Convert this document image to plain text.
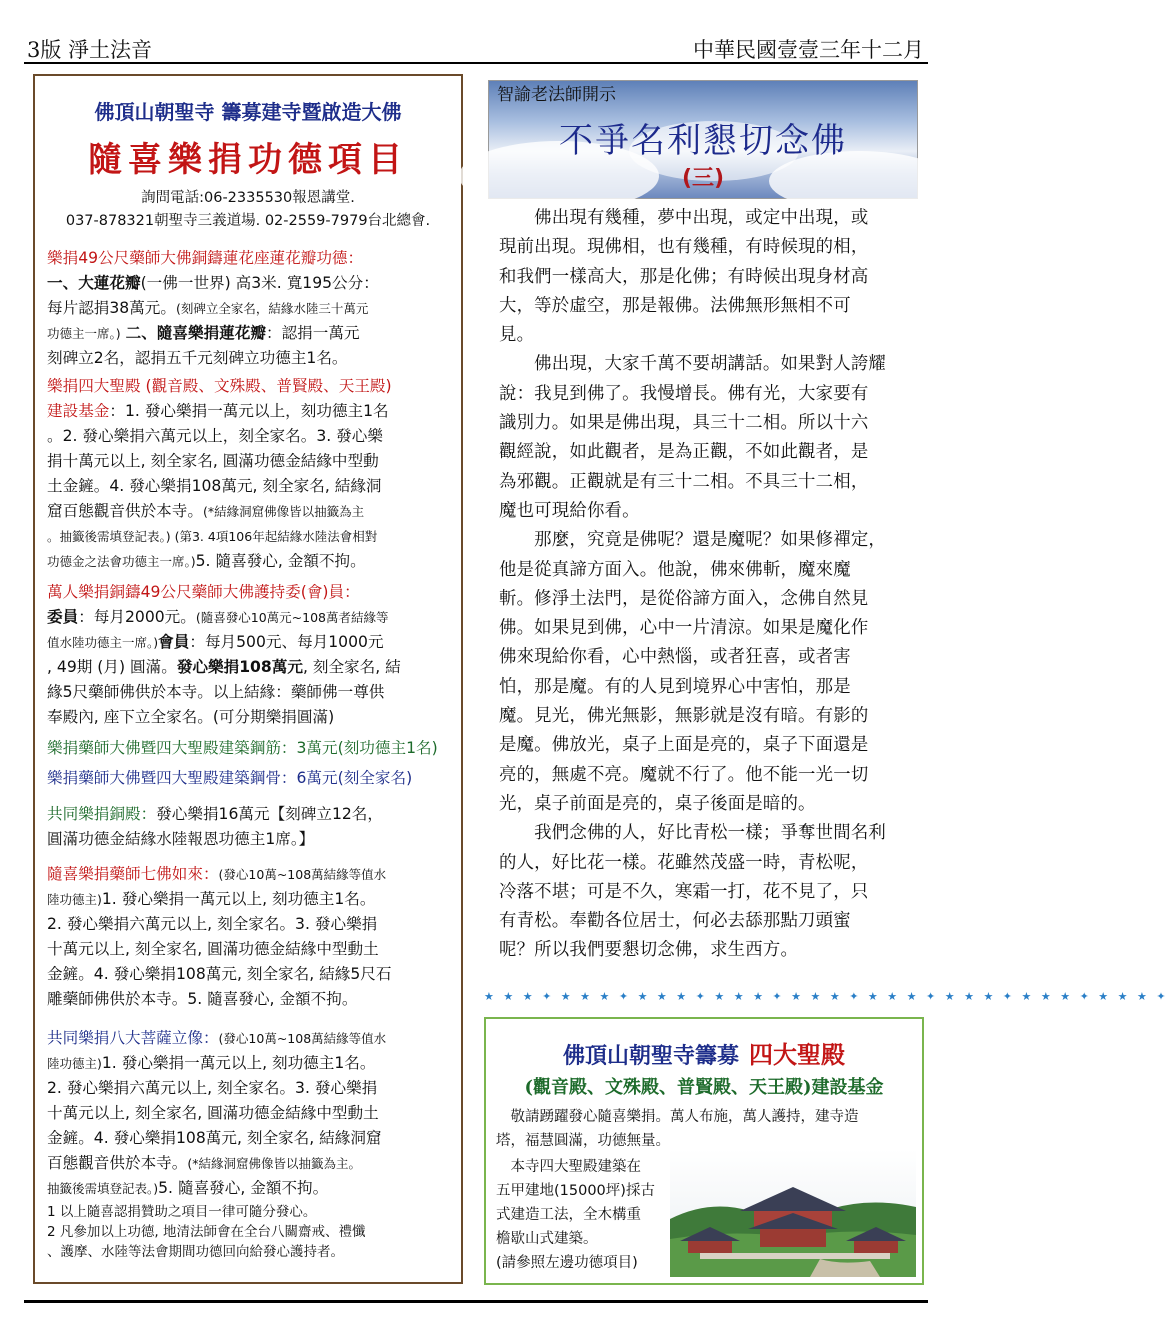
3版 淨土法音	中華民國壹壹三年十二月
佛頂山朝聖寺 籌募建寺暨啟造大佛
隨喜樂捐功德項目
詢問電話:06-2335530報恩講堂.
037-878321朝聖寺三義道場. 02-2559-7979台北總會.
樂捐49公尺藥師大佛銅鑄蓮花座蓮花瓣功德：
一、大蓮花瓣(一佛一世界) 高3米. 寬195公分：
每片認捐38萬元。(刻碑立全家名，結緣水陸三十萬元
功德主一席。) 二、隨喜樂捐蓮花瓣：認捐一萬元
刻碑立2名，認捐五千元刻碑立功德主1名。
樂捐四大聖殿 (觀音殿、文殊殿、普賢殿、天王殿)
建設基金：1. 發心樂捐一萬元以上，刻功德主1名
。2. 發心樂捐六萬元以上，刻全家名。3. 發心樂
捐十萬元以上, 刻全家名, 圓滿功德金結緣中型動
土金鏟。4. 發心樂捐108萬元, 刻全家名, 結緣洞
窟百態觀音供於本寺。(*結緣洞窟佛像皆以抽籤為主
。抽籤後需填登記表。) (第3. 4項106年起結緣水陸法會相對
功德金之法會功德主一席。)5. 隨喜發心, 金額不拘。
萬人樂捐銅鑄49公尺藥師大佛護持委(會)員：
委員：每月2000元。(隨喜發心10萬元~108萬者結緣等
值水陸功德主一席。)會員：每月500元、每月1000元
, 49期 (月) 圓滿。發心樂捐108萬元, 刻全家名, 結
緣5尺藥師佛供於本寺。以上結緣：藥師佛一尊供
奉殿內, 座下立全家名。(可分期樂捐圓滿)
樂捐藥師大佛暨四大聖殿建築鋼筋：3萬元(刻功德主1名)
樂捐藥師大佛暨四大聖殿建築鋼骨：6萬元(刻全家名)
共同樂捐銅殿：發心樂捐16萬元【刻碑立12名，
圓滿功德金結緣水陸報恩功德主1席。】
隨喜樂捐藥師七佛如來：(發心10萬~108萬結緣等值水
陸功德主)1. 發心樂捐一萬元以上, 刻功德主1名。
2. 發心樂捐六萬元以上, 刻全家名。3. 發心樂捐
十萬元以上, 刻全家名, 圓滿功德金結緣中型動土
金鏟。4. 發心樂捐108萬元, 刻全家名, 結緣5尺石
雕藥師佛供於本寺。5. 隨喜發心, 金額不拘。
共同樂捐八大菩薩立像：(發心10萬~108萬結緣等值水
陸功德主)1. 發心樂捐一萬元以上, 刻功德主1名。
2. 發心樂捐六萬元以上, 刻全家名。3. 發心樂捐
十萬元以上, 刻全家名, 圓滿功德金結緣中型動土
金鏟。4. 發心樂捐108萬元, 刻全家名, 結緣洞窟
百態觀音供於本寺。(*結緣洞窟佛像皆以抽籤為主。
抽籤後需填登記表。)5. 隨喜發心, 金額不拘。
1 以上隨喜認捐贊助之項目一律可隨分發心。
2 凡參加以上功德, 地清法師會在全台八關齋戒、禮懺
、護摩、水陸等法會期間功德回向給發心護持者。
智諭老法師開示
不爭名利懇切念佛
(三)
　　佛出現有幾種，夢中出現，或定中出現，或
現前出現。現佛相，也有幾種，有時候現的相，
和我們一樣高大，那是化佛；有時候出現身材高
大，等於虛空，那是報佛。法佛無形無相不可
見。
　　佛出現，大家千萬不要胡講話。如果對人誇耀
說：我見到佛了。我慢增長。佛有光，大家要有
識別力。如果是佛出現，具三十二相。所以十六
觀經說，如此觀者，是為正觀，不如此觀者，是
為邪觀。正觀就是有三十二相。不具三十二相，
魔也可現給你看。
　　那麼，究竟是佛呢？還是魔呢？如果修禪定，
他是從真諦方面入。他說，佛來佛斬，魔來魔
斬。修淨土法門，是從俗諦方面入，念佛自然見
佛。如果見到佛，心中一片清涼。如果是魔化作
佛來現給你看，心中熱惱，或者狂喜，或者害
怕，那是魔。有的人見到境界心中害怕，那是
魔。見光，佛光無影，無影就是沒有暗。有影的
是魔。佛放光，桌子上面是亮的，桌子下面還是
亮的，無處不亮。魔就不行了。他不能一光一切
光，桌子前面是亮的，桌子後面是暗的。
　　我們念佛的人，好比青松一樣；爭奪世間名利
的人，好比花一樣。花雖然茂盛一時，青松呢，
冷落不堪；可是不久，寒霜一打，花不見了，只
有青松。奉勸各位居士，何必去舔那點刀頭蜜
呢？所以我們要懇切念佛，求生西方。
★ ★ ★ ✦ ★ ★ ★ ✦ ★ ★ ★ ✦ ★ ★ ★ ✦ ★ ★ ★ ✦ ★ ★ ★ ✦ ★ ★ ★ ✦ ★ ★ ★ ✦ ★ ★ ★ ✦
佛頂山朝聖寺籌募 四大聖殿
(觀音殿、文殊殿、普賢殿、天王殿)建設基金
　敬請踴躍發心隨喜樂捐。萬人布施，萬人護持，建寺造
塔，福慧圓滿，功德無量。
　本寺四大聖殿建築在
五甲建地(15000坪)採古
式建造工法，全木構重
檐歇山式建築。
(請參照左邊功德項目)
